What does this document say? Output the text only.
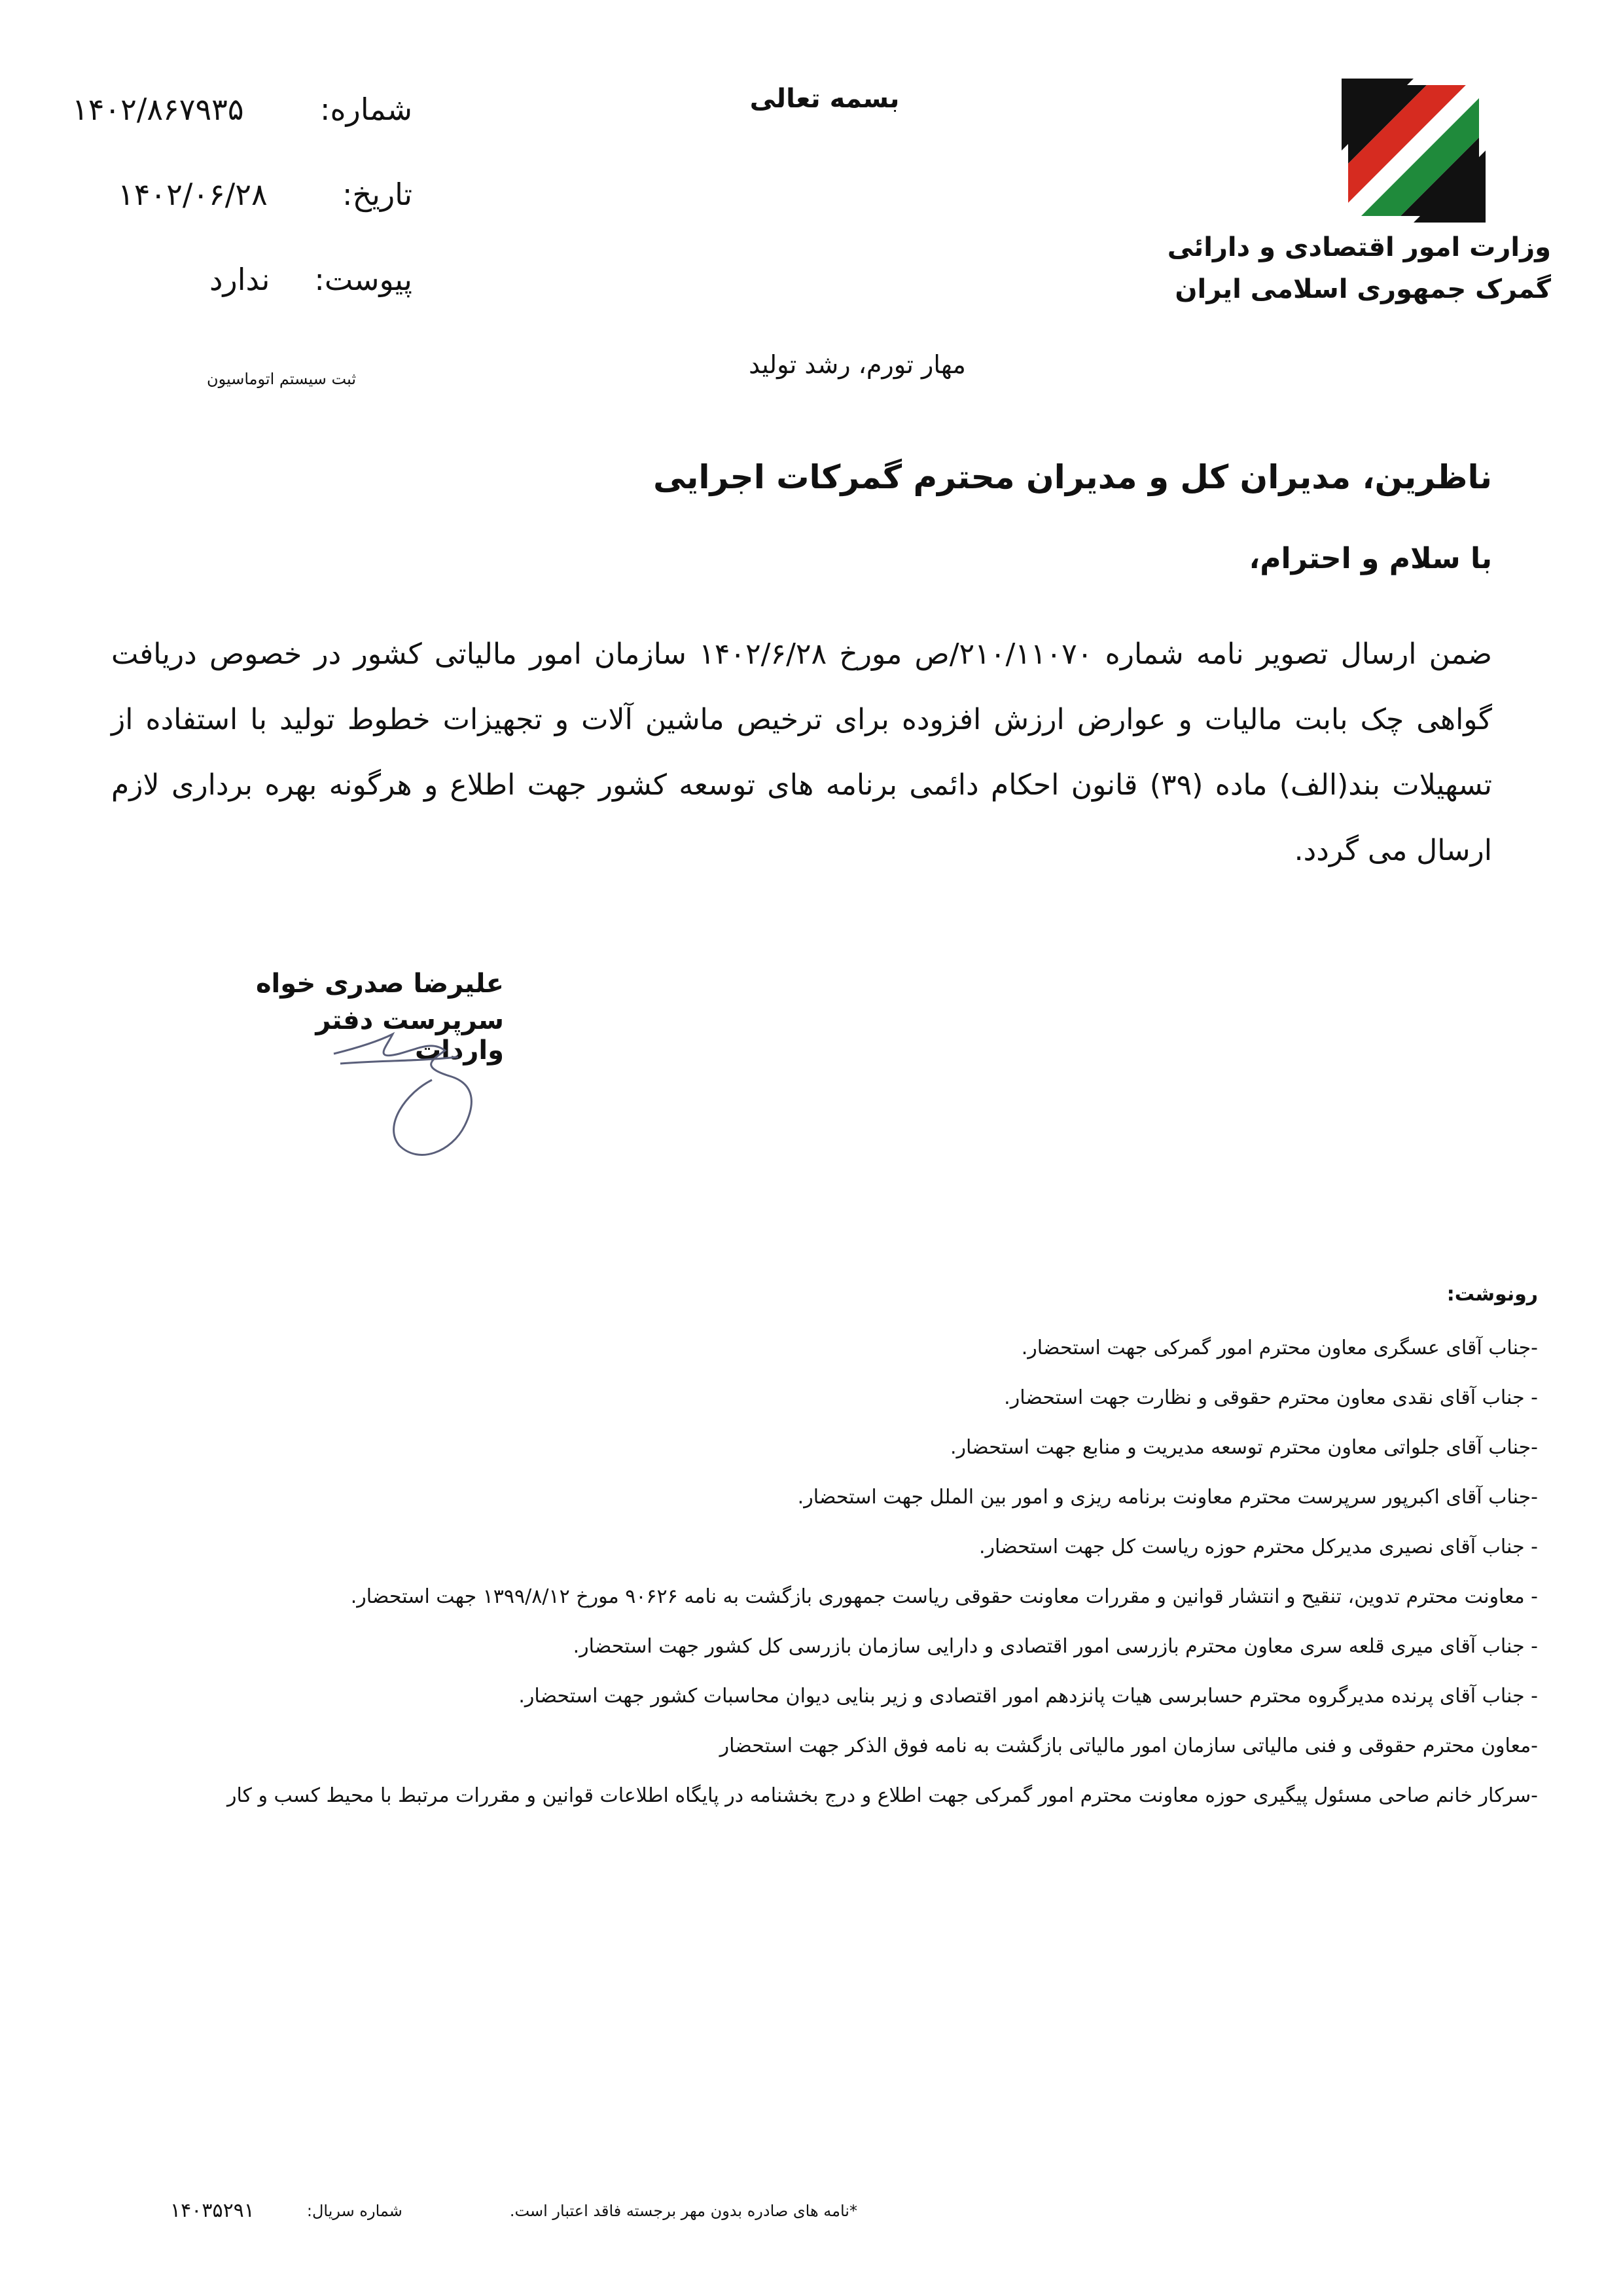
وزارت امور اقتصادی و دارائی
گمرک جمهوری اسلامی ایران
بسمه تعالی
مهار تورم، رشد تولید
۱۴۰۲/۸۶۷۹۳۵	شماره:
۱۴۰۲/۰۶/۲۸ تاریخ:
ندارد پیوست:
ثبت سیستم اتوماسیون
ناظرین، مدیران کل و مدیران محترم گمرکات اجرایی
با سلام و احترام،
ضمن ارسال تصویر نامه شماره ۲۱۰/۱۱۰۷۰/ص مورخ ۱۴۰۲/۶/۲۸ سازمان امور مالیاتی کشور در خصوص دریافت گواهی چک بابت مالیات و عوارض ارزش افزوده برای ترخیص ماشین آلات و تجهیزات خطوط تولید با استفاده از تسهیلات بند(الف) ماده (۳۹) قانون احکام دائمی برنامه های توسعه کشور جهت اطلاع و هرگونه بهره برداری لازم ارسال می گردد.
علیرضا صدری خواه
سرپرست دفتر واردات
رونوشت:
-جناب آقای عسگری معاون محترم امور گمرکی جهت استحضار.
- جناب آقای نقدی معاون محترم حقوقی و نظارت جهت استحضار.
-جناب آقای جلواتی معاون محترم توسعه مدیریت و منابع جهت استحضار.
-جناب آقای اکبرپور سرپرست محترم معاونت برنامه ریزی و امور بین الملل جهت استحضار.
- جناب آقای نصیری مدیرکل محترم حوزه ریاست کل جهت استحضار.
- معاونت محترم تدوین، تنقیح و انتشار قوانین و مقررات معاونت حقوقی ریاست جمهوری بازگشت به نامه ۹۰۶۲۶ مورخ ۱۳۹۹/۸/۱۲ جهت استحضار.
- جناب آقای میری قلعه سری معاون محترم بازرسی امور اقتصادی و دارایی سازمان بازرسی کل کشور جهت استحضار.
- جناب آقای پرنده مدیرگروه محترم حسابرسی هیات پانزدهم امور اقتصادی و زیر بنایی دیوان محاسبات کشور جهت استحضار.
-معاون محترم حقوقی و فنی مالیاتی سازمان امور مالیاتی بازگشت به نامه فوق الذکر جهت استحضار
-سرکار خانم صاحی مسئول پیگیری حوزه معاونت محترم امور گمرکی جهت اطلاع و درج بخشنامه در پایگاه اطلاعات قوانین و مقررات مرتبط با محیط کسب و کار
۱۴۰۳۵۲۹۱	شماره سریال:	*نامه های صادره بدون مهر برجسته فاقد اعتبار است.
